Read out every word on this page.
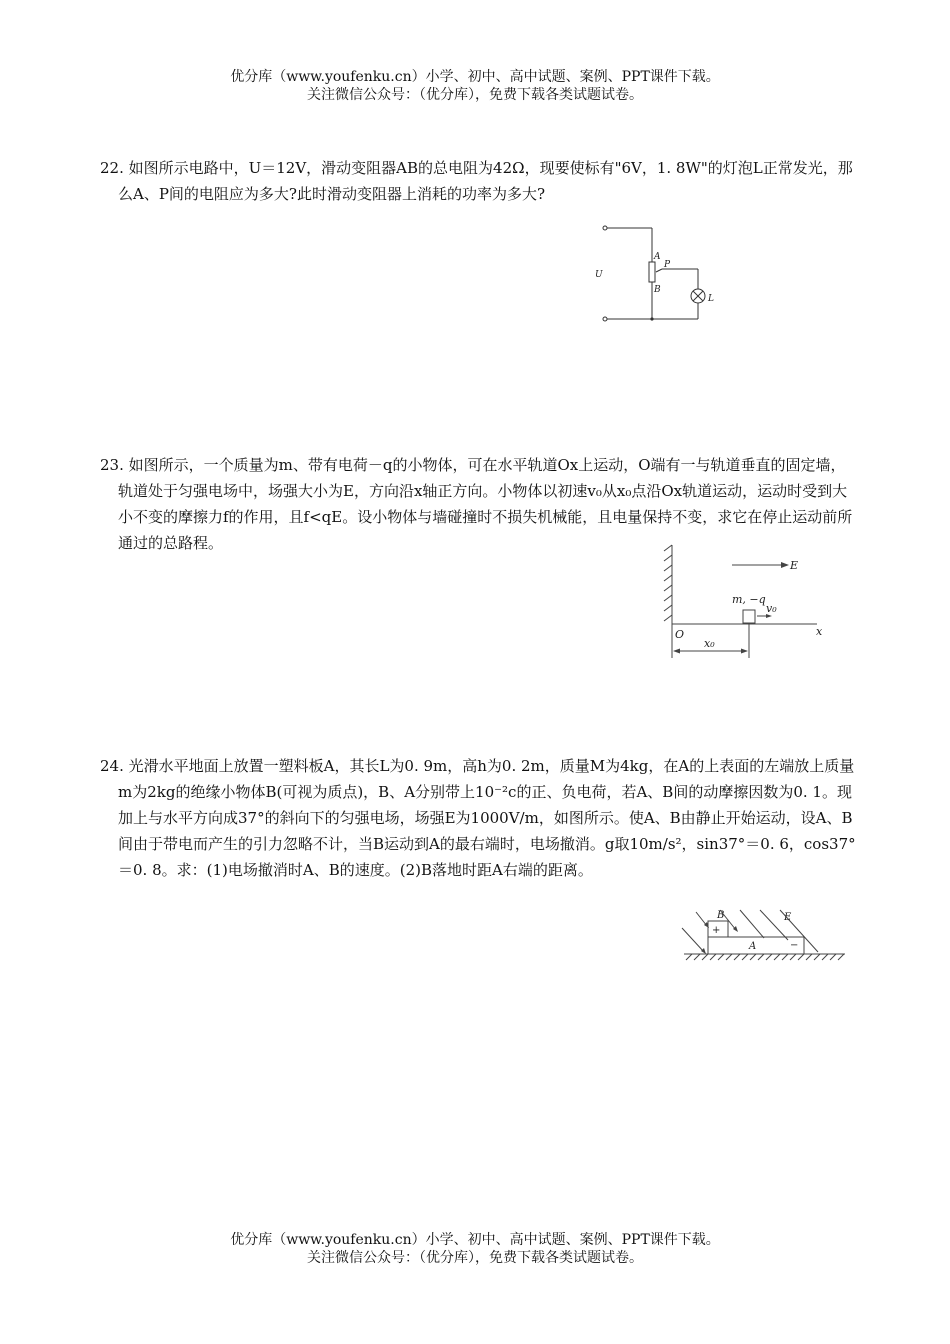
优分库（www.youfenku.cn）小学、初中、高中试题、案例、PPT课件下载。
关注微信公众号：（优分库），免费下载各类试题试卷。

22. 如图所示电路中，U＝12V，滑动变阻器AB的总电阻为42Ω，现要使标有"6V，1. 8W"的灯泡L正常发光，那么A、P间的电阻应为多大?此时滑动变阻器上消耗的功率为多大?

U
A
B
P
L

23. 如图所示，一个质量为m、带有电荷－q的小物体，可在水平轨道Ox上运动，O端有一与轨道垂直的固定墙，轨道处于匀强电场中，场强大小为E，方向沿x轴正方向。小物体以初速v₀从x₀点沿Ox轨道运动，运动时受到大小不变的摩擦力f的作用，且f<qE。设小物体与墙碰撞时不损失机械能，且电量保持不变，求它在停止运动前所通过的总路程。

E
m, −q
v₀
O	x
x₀

24. 光滑水平地面上放置一塑料板A，其长L为0. 9m，高h为0. 2m，质量M为4kg，在A的上表面的左端放上质量m为2kg的绝缘小物体B(可视为质点)，B、A分别带上10⁻²c的正、负电荷，若A、B间的动摩擦因数为0. 1。现加上与水平方向成37°的斜向下的匀强电场，场强E为1000V/m，如图所示。使A、B由静止开始运动，设A、B间由于带电而产生的引力忽略不计，当B运动到A的最右端时，电场撤消。g取10m/s²，sin37°＝0. 6，cos37°＝0. 8。求：(1)电场撤消时A、B的速度。(2)B落地时距A右端的距离。

E
B
A
+
−
优分库（www.youfenku.cn）小学、初中、高中试题、案例、PPT课件下载。
关注微信公众号：（优分库），免费下载各类试题试卷。
